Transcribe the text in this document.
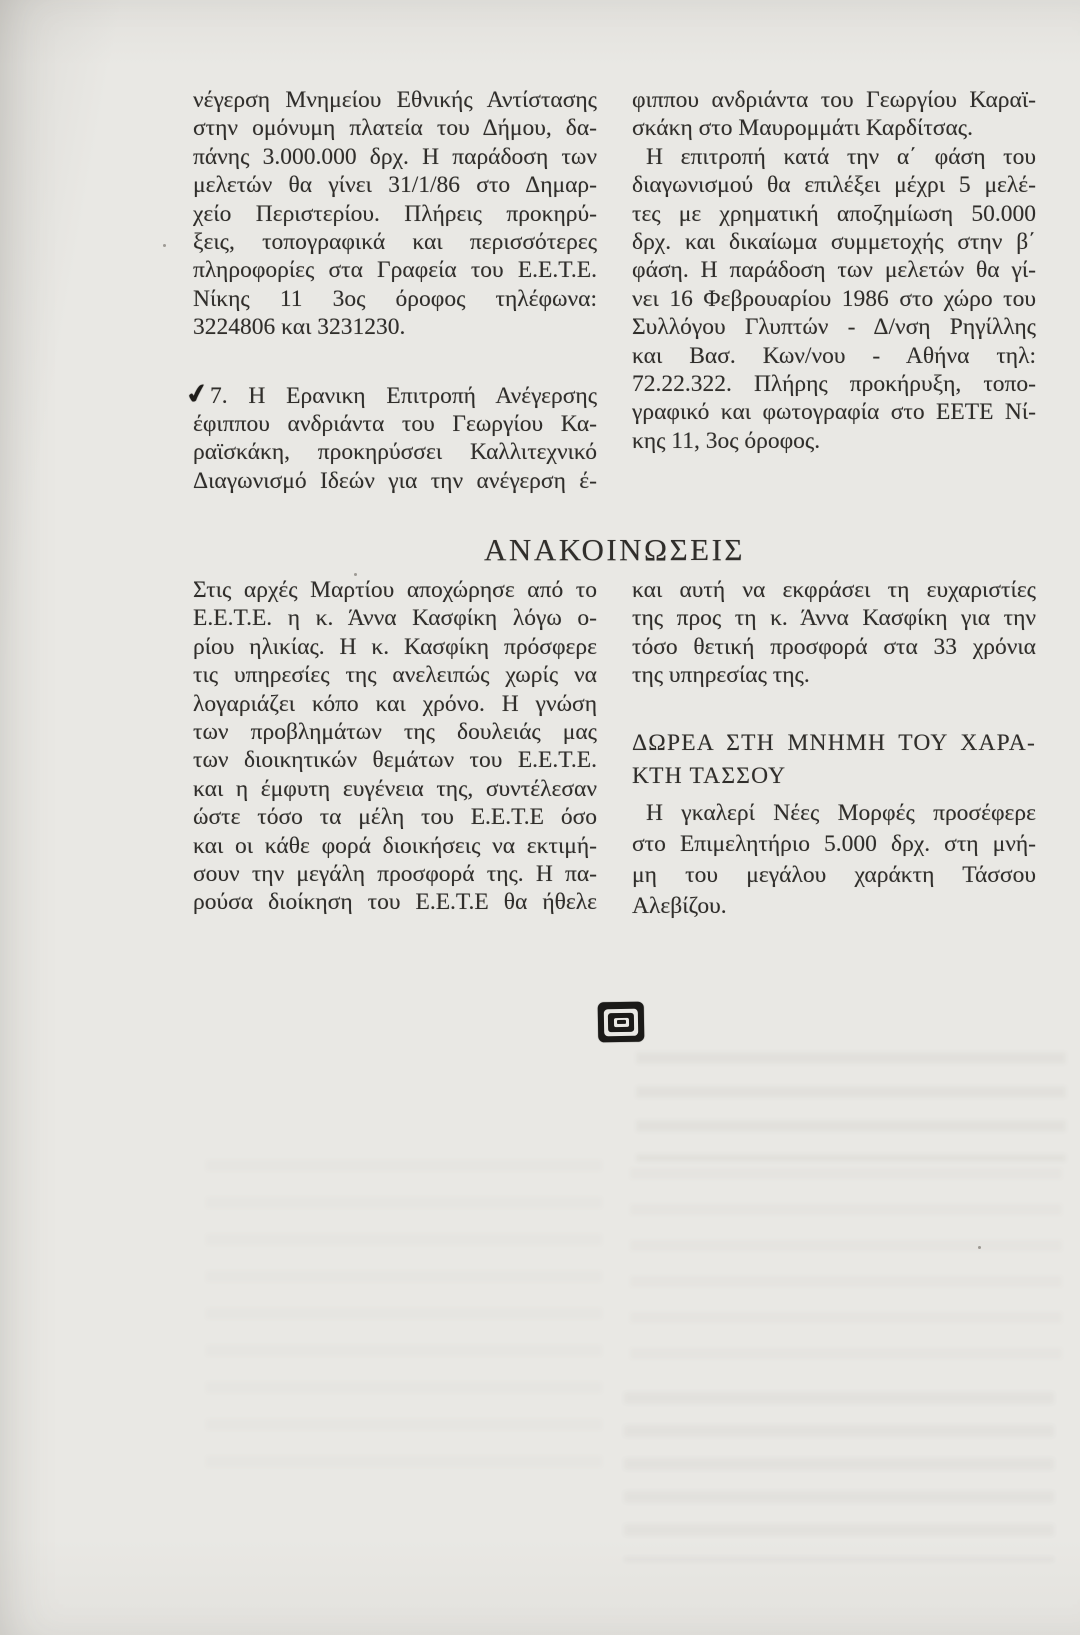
νέγερση Μνημείου Εθνικής Αντίστασης
στην ομόνυμη πλατεία του Δήμου, δα-
πάνης 3.000.000 δρχ. Η παράδοση των
μελετών θα γίνει 31/1/86 στο Δημαρ-
χείο Περιστερίου. Πλήρεις προκηρύ-
ξεις, τοπογραφικά και περισσότερες
πληροφορίες στα Γραφεία του Ε.Ε.Τ.Ε.
Νίκης 11 3ος όροφος τηλέφωνα:
3224806 και 3231230.
✔
7. Η Ερανικη Επιτροπή Ανέγερσης
έφιππου ανδριάντα του Γεωργίου Κα-
ραϊσκάκη, προκηρύσσει Καλλιτεχνικό
Διαγωνισμό Ιδεών για την ανέγερση έ-
φιππου ανδριάντα του Γεωργίου Καραϊ-
σκάκη στο Μαυρομμάτι Καρδίτσας.
Η επιτροπή κατά την α΄ φάση του
διαγωνισμού θα επιλέξει μέχρι 5 μελέ-
τες με χρηματική αποζημίωση 50.000
δρχ. και δικαίωμα συμμετοχής στην β΄
φάση. Η παράδοση των μελετών θα γί-
νει 16 Φεβρουαρίου 1986 στο χώρο του
Συλλόγου Γλυπτών - Δ/νση Ρηγίλλης
και Βασ. Κων/νου - Αθήνα τηλ:
72.22.322. Πλήρης προκήρυξη, τοπο-
γραφικό και φωτογραφία στο ΕΕΤΕ Νί-
κης 11, 3ος όροφος.
ΑΝΑΚΟΙΝΩΣΕΙΣ
Στις αρχές Μαρτίου αποχώρησε από το
Ε.Ε.Τ.Ε. η κ. Άννα Κασφίκη λόγω ο-
ρίου ηλικίας. Η κ. Κασφίκη πρόσφερε
τις υπηρεσίες της ανελειπώς χωρίς να
λογαριάζει κόπο και χρόνο. Η γνώση
των προβλημάτων της δουλειάς μας
των διοικητικών θεμάτων του Ε.Ε.Τ.Ε.
και η έμφυτη ευγένεια της, συντέλεσαν
ώστε τόσο τα μέλη του Ε.Ε.Τ.Ε όσο
και οι κάθε φορά διοικήσεις να εκτιμή-
σουν την μεγάλη προσφορά της. Η πα-
ρούσα διοίκηση του Ε.Ε.Τ.Ε θα ήθελε
και αυτή να εκφράσει τη ευχαριστίες
της προς τη κ. Άννα Κασφίκη για την
τόσο θετική προσφορά στα 33 χρόνια
της υπηρεσίας της.
ΔΩΡΕΑ ΣΤΗ ΜΝΗΜΗ ΤΟΥ ΧΑΡΑ-
ΚΤΗ ΤΑΣΣΟΥ
Η γκαλερί Νέες Μορφές προσέφερε
στο Επιμελητήριο 5.000 δρχ. στη μνή-
μη του μεγάλου χαράκτη Τάσσου
Αλεβίζου.
